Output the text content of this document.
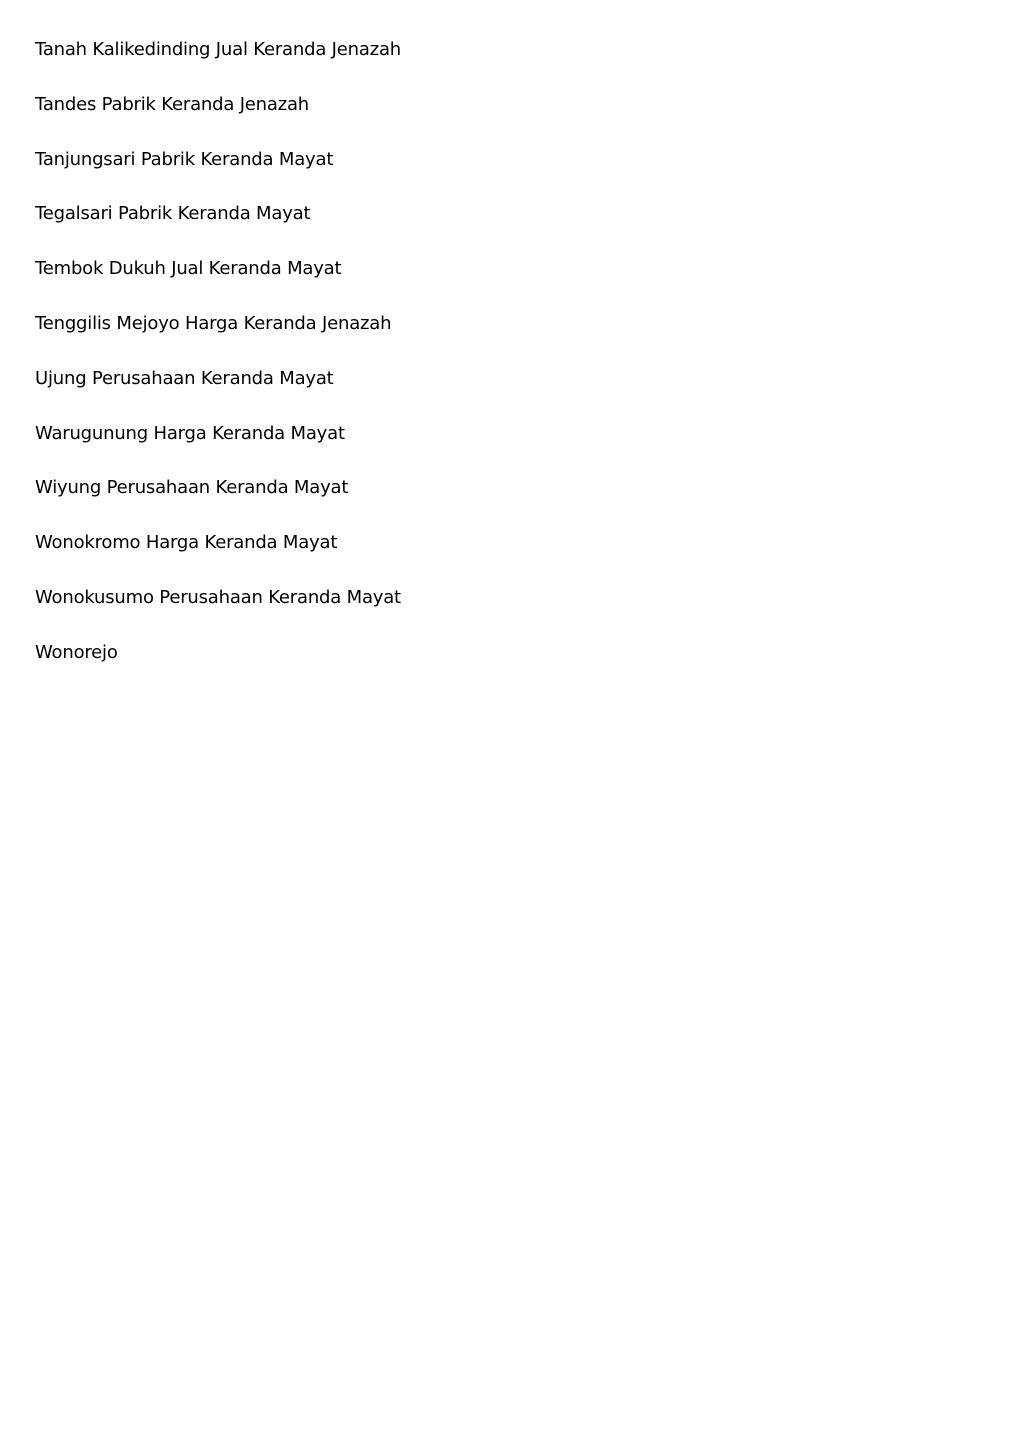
Tanah Kalikedinding Jual Keranda Jenazah
Tandes Pabrik Keranda Jenazah
Tanjungsari Pabrik Keranda Mayat
Tegalsari Pabrik Keranda Mayat
Tembok Dukuh Jual Keranda Mayat
Tenggilis Mejoyo Harga Keranda Jenazah
Ujung Perusahaan Keranda Mayat
Warugunung Harga Keranda Mayat
Wiyung Perusahaan Keranda Mayat
Wonokromo Harga Keranda Mayat
Wonokusumo Perusahaan Keranda Mayat
Wonorejo
